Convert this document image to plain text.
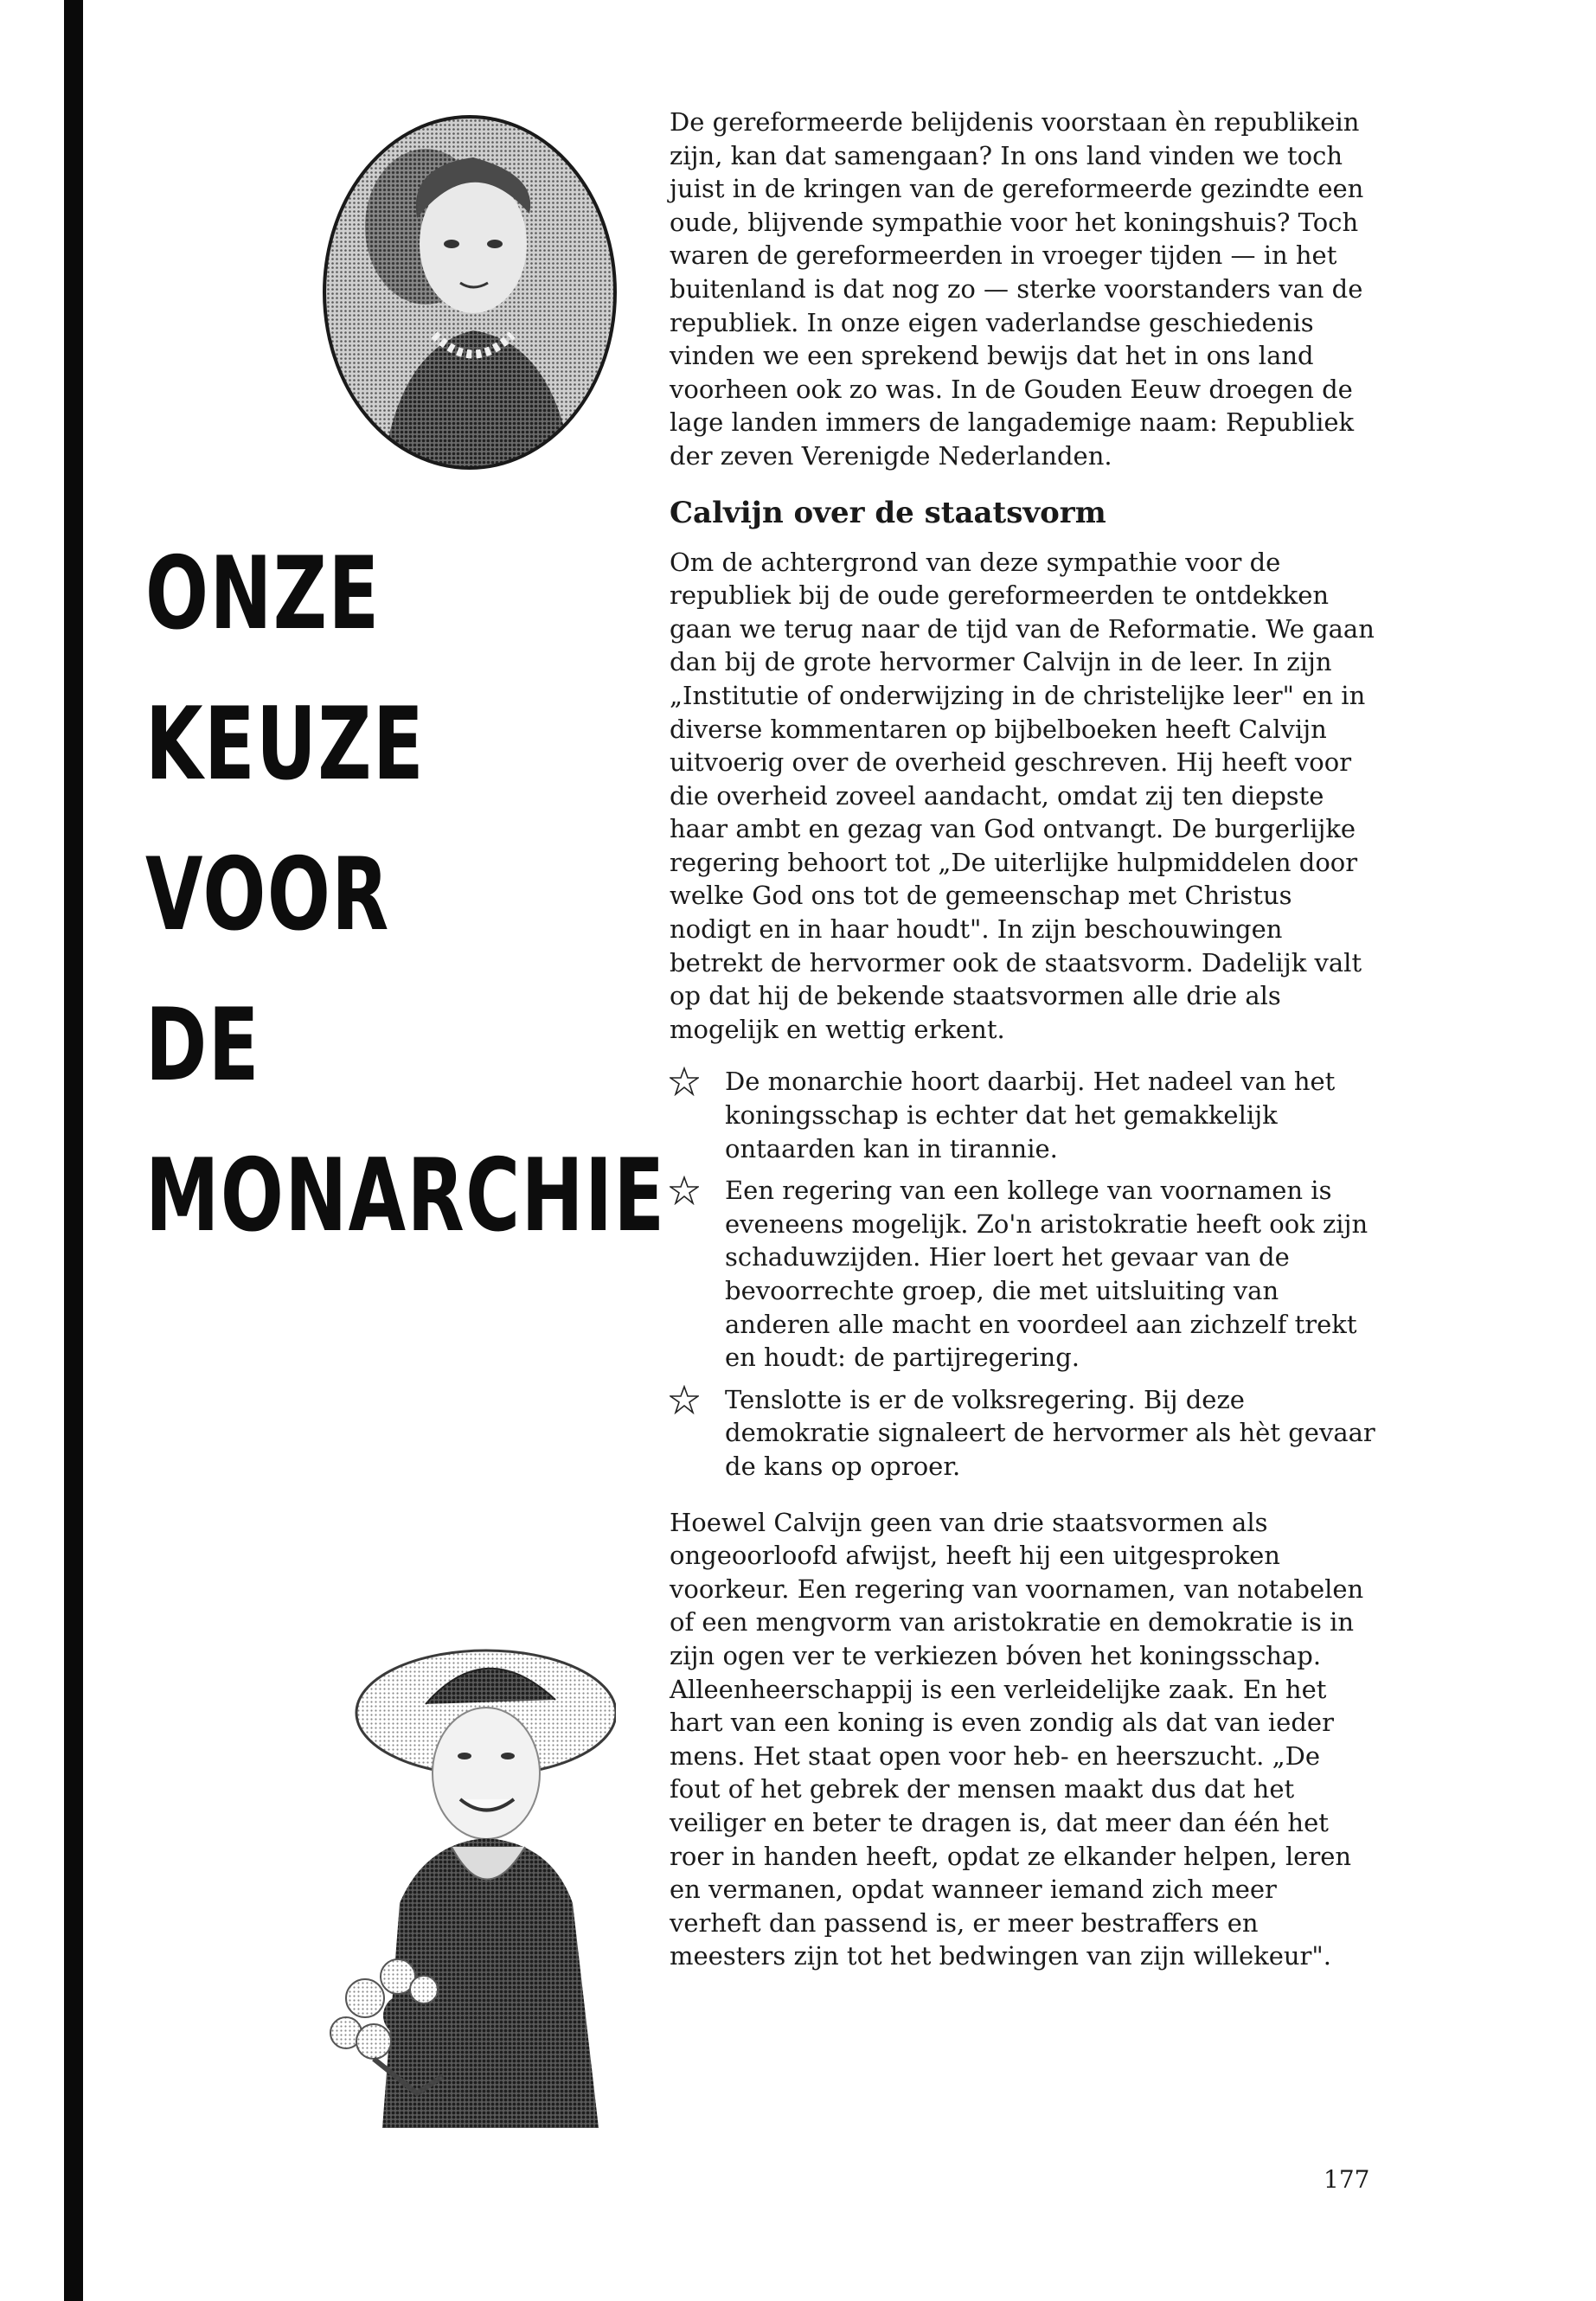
ONZE
KEUZE
VOOR
DE
MONARCHIE

De gereformeerde belijdenis voorstaan èn republikein zijn, kan dat samengaan? In ons land vinden we toch juist in de kringen van de gereformeerde gezindte een oude, blijvende sympathie voor het koningshuis? Toch waren de gereformeerden in vroeger tijden — in het buitenland is dat nog zo — sterke voorstanders van de republiek. In onze eigen vaderlandse geschiedenis vinden we een sprekend bewijs dat het in ons land voorheen ook zo was. In de Gouden Eeuw droegen de lage landen immers de langademige naam: Republiek der zeven Verenigde Nederlanden.

Calvijn over de staatsvorm

Om de achtergrond van deze sympathie voor de republiek bij de oude gereformeerden te ontdekken gaan we terug naar de tijd van de Reformatie. We gaan dan bij de grote hervormer Calvijn in de leer. In zijn „Institutie of onderwijzing in de christelijke leer" en in diverse kommentaren op bijbelboeken heeft Calvijn uitvoerig over de overheid geschreven. Hij heeft voor die overheid zoveel aandacht, omdat zij ten diepste haar ambt en gezag van God ontvangt. De burgerlijke regering behoort tot „De uiterlijke hulpmiddelen door welke God ons tot de gemeenschap met Christus nodigt en in haar houdt". In zijn beschouwingen betrekt de hervormer ook de staatsvorm. Dadelijk valt op dat hij de bekende staatsvormen alle drie als mogelijk en wettig erkent.

De monarchie hoort daarbij. Het nadeel van het koningsschap is echter dat het gemakkelijk ontaarden kan in tirannie.
Een regering van een kollege van voornamen is eveneens mogelijk. Zo'n aristokratie heeft ook zijn schaduwzijden. Hier loert het gevaar van de bevoorrechte groep, die met uitsluiting van anderen alle macht en voordeel aan zichzelf trekt en houdt: de partijregering.
Tenslotte is er de volksregering. Bij deze demokratie signaleert de hervormer als hèt gevaar de kans op oproer.

Hoewel Calvijn geen van drie staatsvormen als ongeoorloofd afwijst, heeft hij een uitgesproken voorkeur. Een regering van voornamen, van notabelen of een mengvorm van aristokratie en demokratie is in zijn ogen ver te verkiezen bóven het koningsschap. Alleenheerschappij is een verleidelijke zaak. En het hart van een koning is even zondig als dat van ieder mens. Het staat open voor heb- en heerszucht. „De fout of het gebrek der mensen maakt dus dat het veiliger en beter te dragen is, dat meer dan één het roer in handen heeft, opdat ze elkander helpen, leren en vermanen, opdat wanneer iemand zich meer verheft dan passend is, er meer bestraffers en meesters zijn tot het bedwingen van zijn willekeur".

177
